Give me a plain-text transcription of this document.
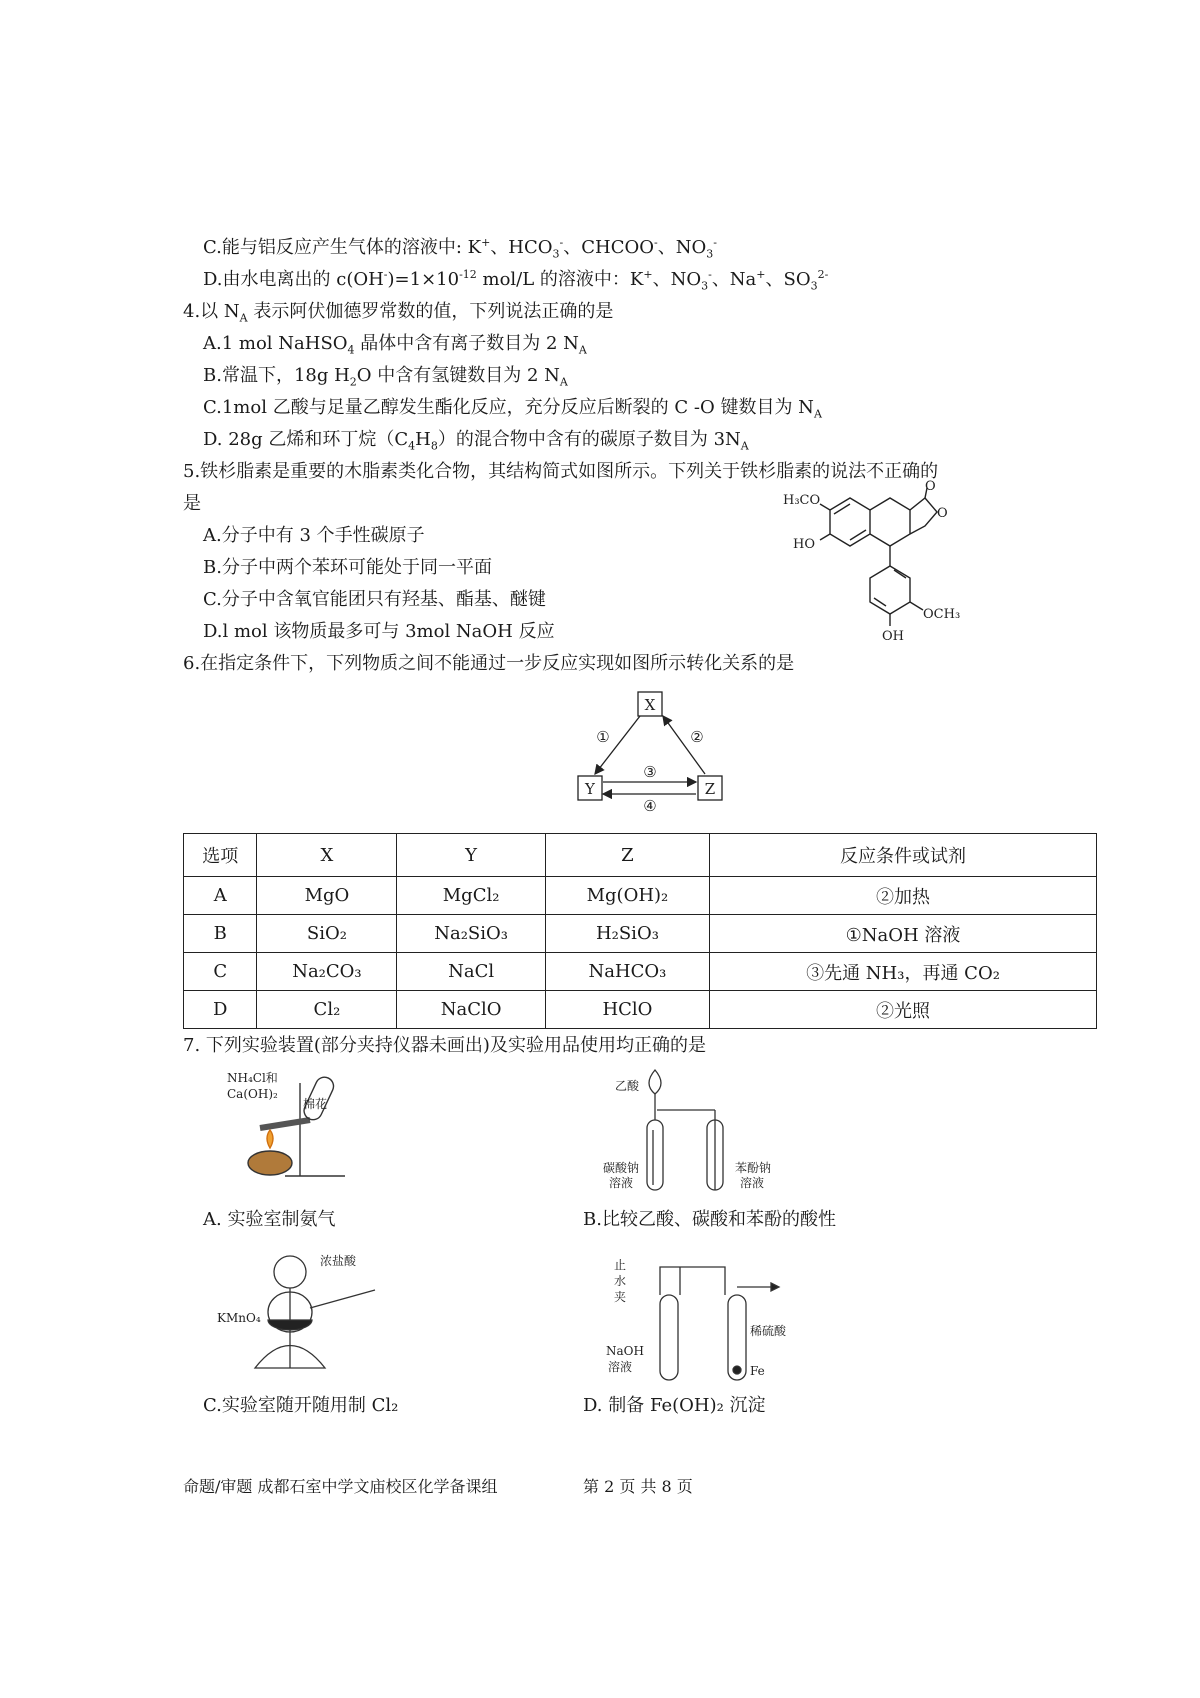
C.能与铝反应产生气体的溶液中: K+、$HCO_3^-$、CHCOO-、$NO_3^-$
D.由水电离出的 $c(OH^-)=1\times 10^{-12}$ mol/L 的溶液中：K+、$NO_3^-$、Na+、$SO_3^{2-}$
4.以 $N_A$ 表示阿伏伽德罗常数的值，下列说法正确的是
A.1 mol NaHSO$_4$ 晶体中含有离子数目为 2 $N_A$
B.常温下，18g $H_2O$ 中含有氢键数目为 2 $N_A$
C.1mol 乙酸与足量乙醇发生酯化反应，充分反应后断裂的 C -O 键数目为 $N_A$
D. 28g 乙烯和环丁烷$(C_4H_8)$的混合物中含有的碳原子数目为 $3N_A$
5.铁杉脂素是重要的木脂素类化合物，其结构简式如图所示。下列关于铁杉脂素的说法不正确的
是
A.分子中有 3 个手性碳原子
B.分子中两个苯环可能处于同一平面
C.分子中含氧官能团只有羟基、酯基、醚键
D.l mol 该物质最多可与 3mol NaOH 反应
H₃CO
HO
O
O
OCH₃
OH
6.在指定条件下，下列物质之间不能通过一步反应实现如图所示转化关系的是
X
Y	Z
①	②
③
④
选项	X	Y	Z	反应条件或试剂
A	MgO	MgCl₂	Mg(OH)₂	②加热
B	SiO₂	Na₂SiO₃	H₂SiO₃	①NaOH 溶液
C	Na₂CO₃	NaCl	NaHCO₃	③先通 NH₃，再通 CO₂
D	Cl₂	NaClO	HClO	②光照
7. 下列实验装置(部分夹持仪器未画出)及实验用品使用均正确的是
NH₄Cl和
Ca(OH)₂
棉花
A. 实验室制氨气
乙酸
碳酸钠
溶液
苯酚钠
溶液
B.比较乙酸、碳酸和苯酚的酸性
浓盐酸
KMnO₄
C.实验室随开随用制 Cl₂
止
水
夹
NaOH
溶液
稀硫酸
Fe
D. 制备 Fe(OH)₂ 沉淀
命题/审题 成都石室中学文庙校区化学备课组	第 2 页 共 8 页
